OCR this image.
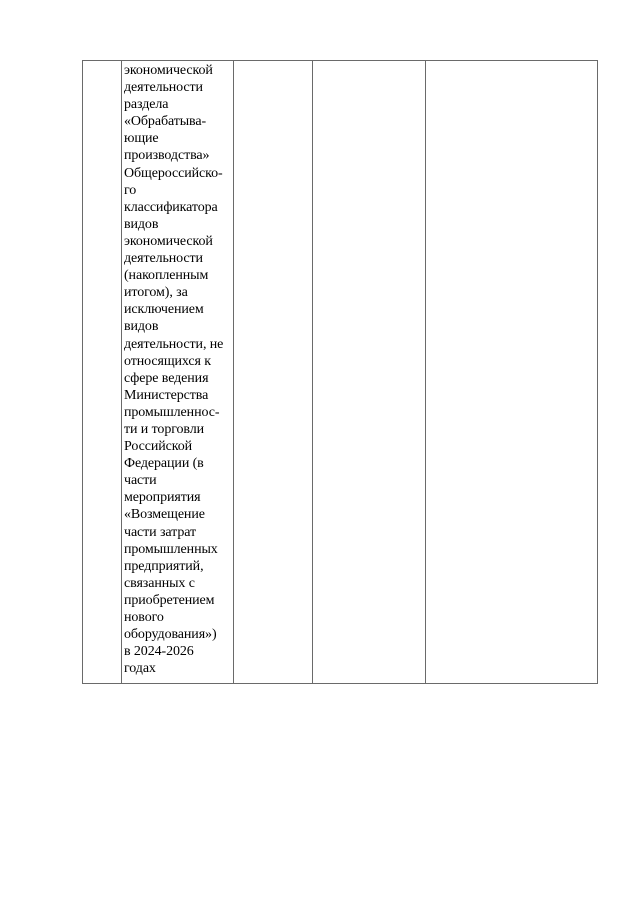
экономической
деятельности
раздела
«Обрабатыва-
ющие
производства»
Общероссийско-
го
классификатора
видов
экономической
деятельности
(накопленным
итогом), за
исключением
видов
деятельности, не
относящихся к
сфере ведения
Министерства
промышленнос-
ти и торговли
Российской
Федерации (в
части
мероприятия
«Возмещение
части затрат
промышленных
предприятий,
связанных с
приобретением
нового
оборудования»)
в 2024-2026
годах
